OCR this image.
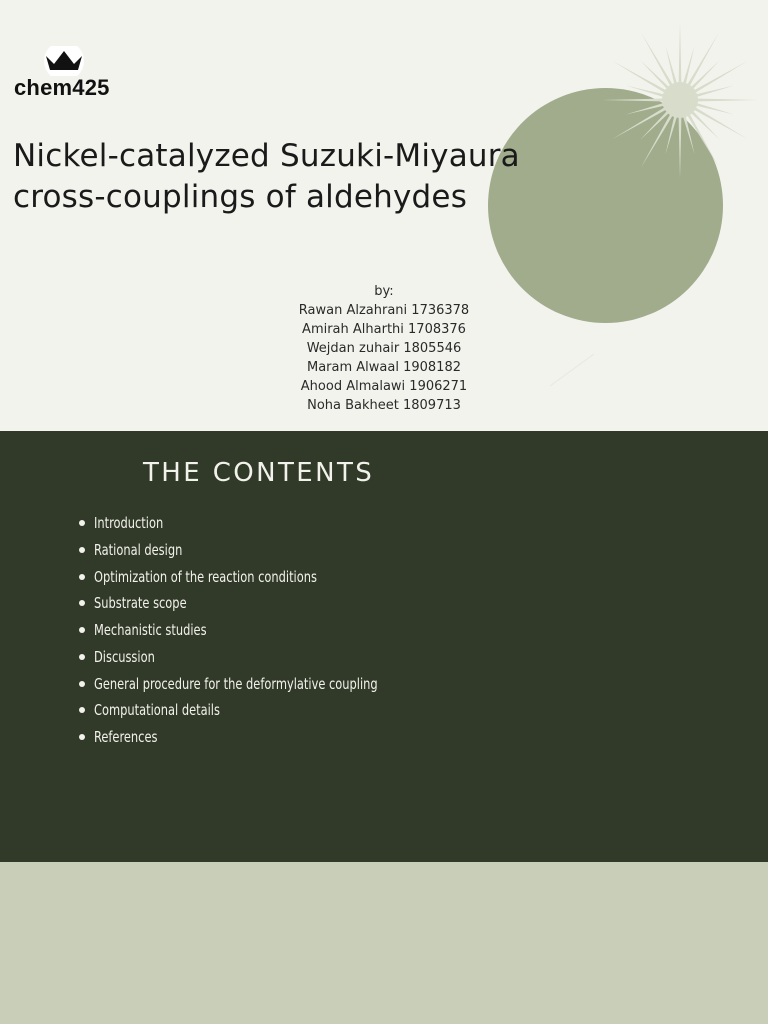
chem425
Nickel-catalyzed Suzuki-Miyaura
cross-couplings of aldehydes
by:
Rawan Alzahrani 1736378
Amirah Alharthi 1708376
Wejdan zuhair 1805546
Maram Alwaal 1908182
Ahood Almalawi 1906271
Noha Bakheet 1809713
THE CONTENTS
Introduction
Rational design
Optimization of the reaction conditions
Substrate scope
Mechanistic studies
Discussion
General procedure for the deformylative coupling
Computational details
References
